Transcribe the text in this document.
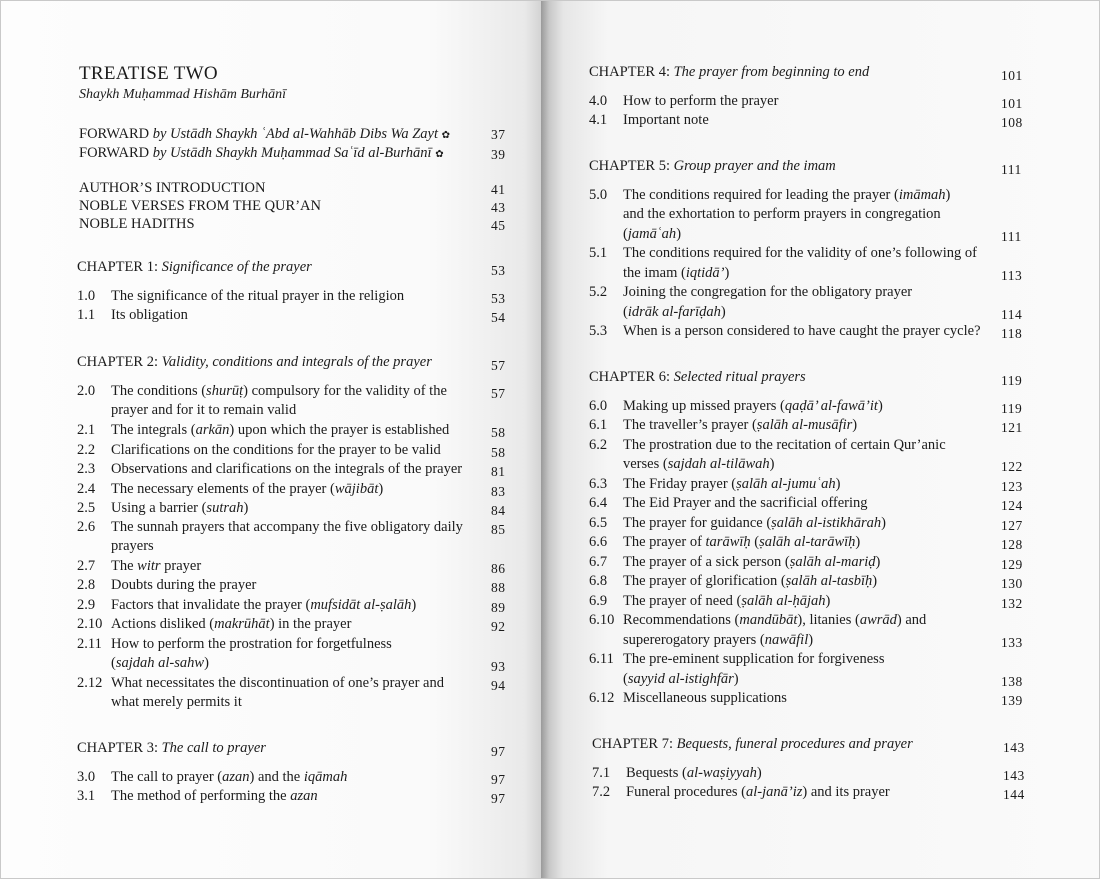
TREATISE TWO
Shaykh Muḥammad Hishām Burhānī
FORWARD by Ustādh Shaykh ʿAbd al-Wahhāb Dibs Wa Zayt ✿	37
FORWARD by Ustādh Shaykh Muḥammad Saʿīd al-Burhānī ✿	39
AUTHOR’S INTRODUCTION	41
NOBLE VERSES FROM THE QUR’AN	43
NOBLE HADITHS	45
CHAPTER 1: Significance of the prayer	53
1.0 The significance of the ritual prayer in the religion	53
1.1 Its obligation	54
CHAPTER 2: Validity, conditions and integrals of the prayer	57
2.0 The conditions (shurūṭ) compulsory for the validity of the	57
prayer and for it to remain valid
2.1 The integrals (arkān) upon which the prayer is established	58
2.2 Clarifications on the conditions for the prayer to be valid	58
2.3 Observations and clarifications on the integrals of the prayer 81
2.4 The necessary elements of the prayer (wājibāt)	83
2.5 Using a barrier (sutrah)	84
2.6 The sunnah prayers that accompany the five obligatory daily 85
prayers
2.7 The witr prayer	86
2.8 Doubts during the prayer	88
2.9 Factors that invalidate the prayer (mufsidāt al-ṣalāh)	89
2.10 Actions disliked (makrūhāt) in the prayer	92
2.11 How to perform the prostration for forgetfulness
(sajdah al-sahw)	93
2.12 What necessitates the discontinuation of one’s prayer and	94
what merely permits it
CHAPTER 3: The call to prayer	97
3.0 The call to prayer (azan) and the iqāmah	97
3.1 The method of performing the azan	97
CHAPTER 4: The prayer from beginning to end	101
4.0 How to perform the prayer	101
4.1 Important note	108
CHAPTER 5: Group prayer and the imam	111
5.0 The conditions required for leading the prayer (imāmah)
and the exhortation to perform prayers in congregation
(jamāʿah)	111
5.1 The conditions required for the validity of one’s following of
the imam (iqtidā’)	113
5.2 Joining the congregation for the obligatory prayer
(idrāk al-farīḍah)	114
5.3 When is a person considered to have caught the prayer cycle? 118
CHAPTER 6: Selected ritual prayers	119
6.0 Making up missed prayers (qaḍā’ al-fawā’it)	119
6.1 The traveller’s prayer (ṣalāh al-musāfir)	121
6.2 The prostration due to the recitation of certain Qur’anic
verses (sajdah al-tilāwah)	122
6.3 The Friday prayer (ṣalāh al-jumuʿah)	123
6.4 The Eid Prayer and the sacrificial offering	124
6.5 The prayer for guidance (ṣalāh al-istikhārah)	127
6.6 The prayer of tarāwīḥ (ṣalāh al-tarāwīḥ)	128
6.7 The prayer of a sick person (ṣalāh al-mariḍ)	129
6.8 The prayer of glorification (ṣalāh al-tasbīḥ)	130
6.9 The prayer of need (ṣalāh al-ḥājah)	132
6.10 Recommendations (mandūbāt), litanies (awrād) and
supererogatory prayers (nawāfil)	133
6.11 The pre-eminent supplication for forgiveness
(sayyid al-istighfār)	138
6.12 Miscellaneous supplications	139
CHAPTER 7: Bequests, funeral procedures and prayer	143
7.1 Bequests (al-waṣiyyah)	143
7.2 Funeral procedures (al-janā’iz) and its prayer	144
